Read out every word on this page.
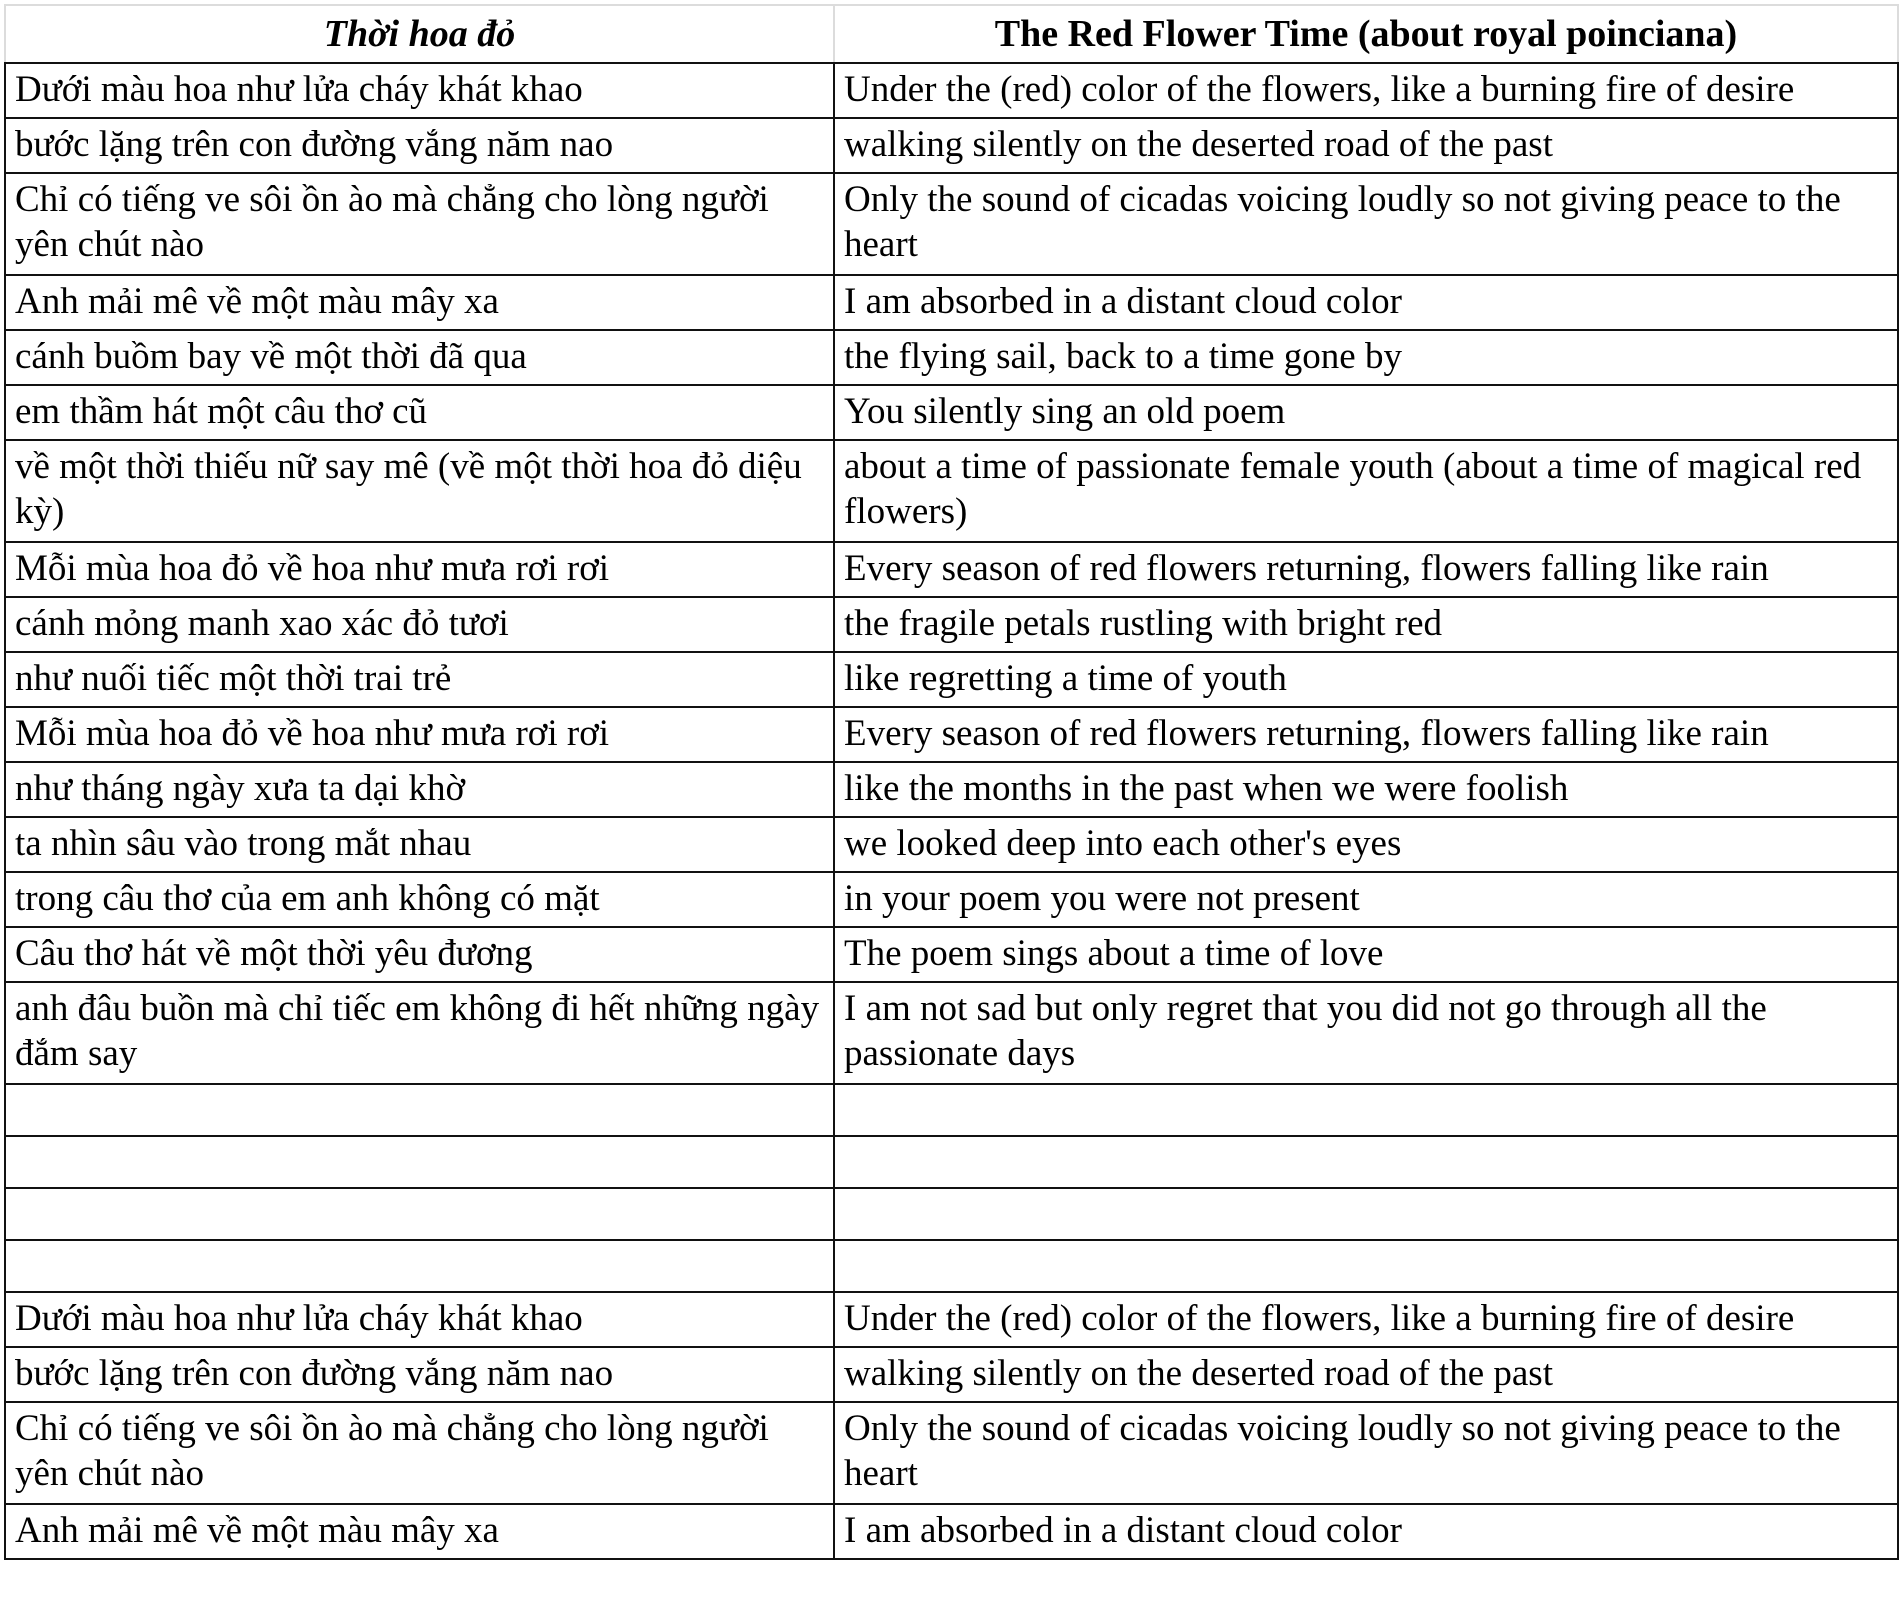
Thời hoa đỏ	The Red Flower Time (about royal poinciana)

Dưới màu hoa như lửa cháy khát khao	Under the (red) color of the flowers, like a burning fire of desire

bước lặng trên con đường vắng năm nao	walking silently on the deserted road of the past

Chỉ có tiếng ve sôi ồn ào mà chẳng cho lòng người yên chút nào	Only the sound of cicadas voicing loudly so not giving peace to the heart

Anh mải mê về một màu mây xa	I am absorbed in a distant cloud color

cánh buồm bay về một thời đã qua	the flying sail, back to a time gone by

em thầm hát một câu thơ cũ	You silently sing an old poem

về một thời thiếu nữ say mê (về một thời hoa đỏ diệu kỳ)	about a time of passionate female youth (about a time of magical red flowers)

Mỗi mùa hoa đỏ về hoa như mưa rơi rơi	Every season of red flowers returning, flowers falling like rain

cánh mỏng manh xao xác đỏ tươi	the fragile petals rustling with bright red

như nuối tiếc một thời trai trẻ	like regretting a time of youth

Mỗi mùa hoa đỏ về hoa như mưa rơi rơi	Every season of red flowers returning, flowers falling like rain

như tháng ngày xưa ta dại khờ	like the months in the past when we were foolish

ta nhìn sâu vào trong mắt nhau	we looked deep into each other's eyes

trong câu thơ của em anh không có mặt	in your poem you were not present

Câu thơ hát về một thời yêu đương	The poem sings about a time of love

anh đâu buồn mà chỉ tiếc em không đi hết những ngày đắm say	I am not sad but only regret that you did not go through all the passionate days

Dưới màu hoa như lửa cháy khát khao	Under the (red) color of the flowers, like a burning fire of desire

bước lặng trên con đường vắng năm nao	walking silently on the deserted road of the past

Chỉ có tiếng ve sôi ồn ào mà chẳng cho lòng người yên chút nào	Only the sound of cicadas voicing loudly so not giving peace to the heart

Anh mải mê về một màu mây xa	I am absorbed in a distant cloud color
